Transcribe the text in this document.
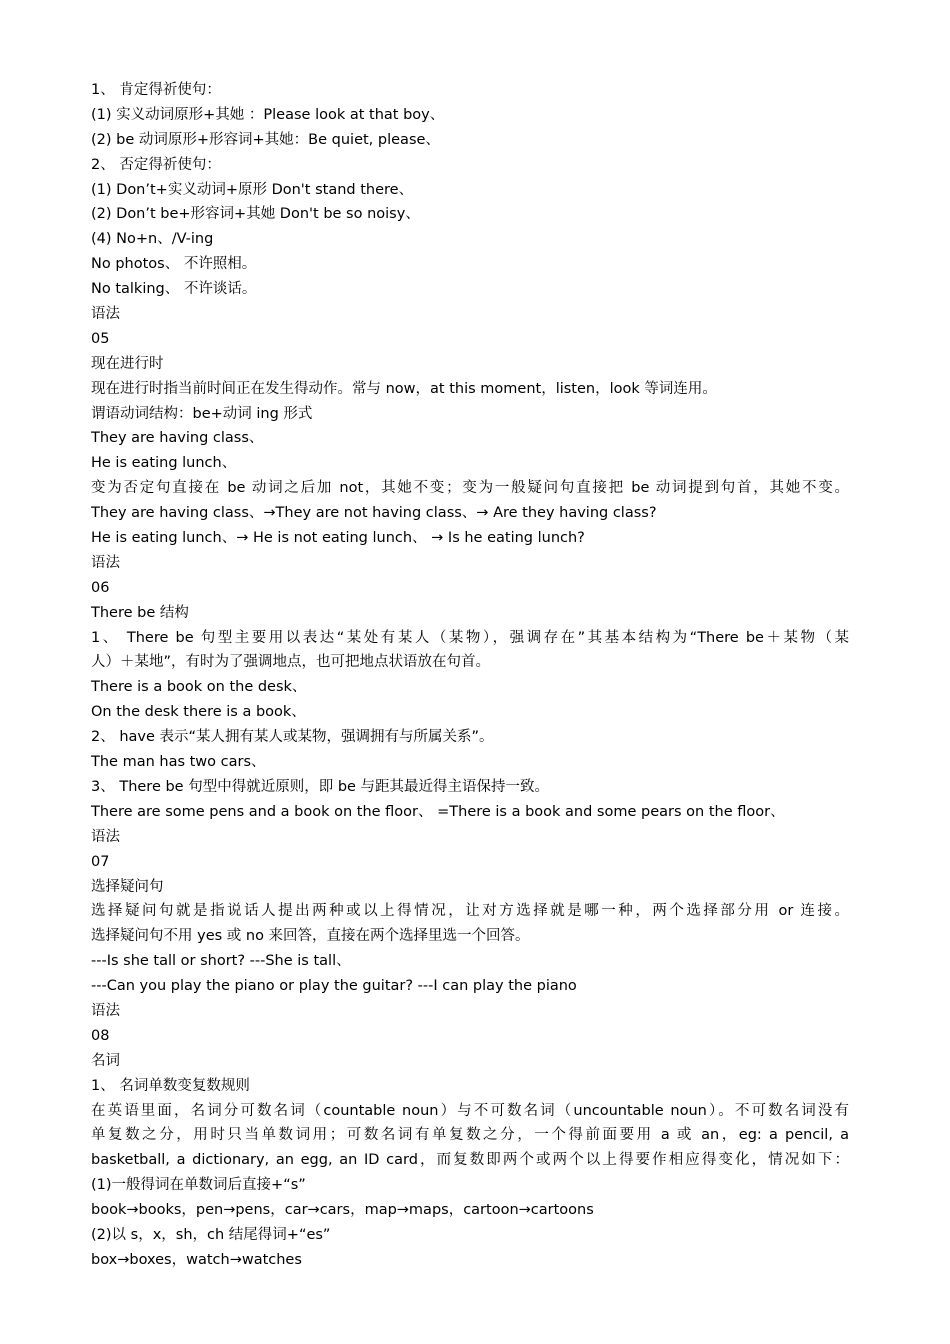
1、 肯定得祈使句：
(1) 实义动词原形+其她 ：Please look at that boy、
(2) be 动词原形+形容词+其她：Be quiet, please、
2、 否定得祈使句：
(1) Don’t+实义动词+原形 Don't stand there、
(2) Don’t be+形容词+其她 Don't be so noisy、
(4) No+n、/V-ing
No photos、 不许照相。
No talking、 不许谈话。
语法
05
现在进行时
现在进行时指当前时间正在发生得动作。常与 now，at this moment，listen，look 等词连用。
谓语动词结构：be+动词 ing 形式
They are having class、
He is eating lunch、
变为否定句直接在 be 动词之后加 not，其她不变；变为一般疑问句直接把 be 动词提到句首，其她不变。
They are having class、→They are not having class、→ Are they having class?
He is eating lunch、→ He is not eating lunch、 → Is he eating lunch?
语法
06
There be 结构
1、 There be 句型主要用以表达“某处有某人（某物），强调存在”其基本结构为“There be＋某物（某
人）＋某地”，有时为了强调地点，也可把地点状语放在句首。
There is a book on the desk、
On the desk there is a book、
2、 have 表示“某人拥有某人或某物，强调拥有与所属关系”。
The man has two cars、
3、 There be 句型中得就近原则，即 be 与距其最近得主语保持一致。
There are some pens and a book on the floor、 =There is a book and some pears on the floor、
语法
07
选择疑问句
选择疑问句就是指说话人提出两种或以上得情况，让对方选择就是哪一种，两个选择部分用 or 连接。
选择疑问句不用 yes 或 no 来回答，直接在两个选择里选一个回答。
---Is she tall or short? ---She is tall、
---Can you play the piano or play the guitar? ---I can play the piano
语法
08
名词
1、 名词单数变复数规则
在英语里面，名词分可数名词（countable noun）与不可数名词（uncountable noun）。不可数名词没有
单复数之分，用时只当单数词用；可数名词有单复数之分，一个得前面要用 a 或 an，eg: a pencil, a
basketball, a dictionary, an egg, an ID card，而复数即两个或两个以上得要作相应得变化，情况如下：
(1)一般得词在单数词后直接+“s”
book→books，pen→pens，car→cars，map→maps，cartoon→cartoons
(2)以 s，x，sh，ch 结尾得词+“es”
box→boxes，watch→watches
